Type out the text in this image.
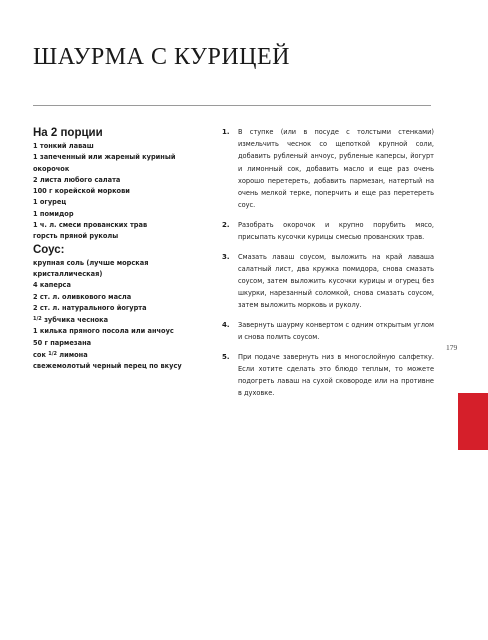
ШАУРМА С КУРИЦЕЙ
На 2 порции
1 тонкий лаваш
1 запеченный или жареный куриный
окорочок
2 листа любого салата
100 г корейской моркови
1 огурец
1 помидор
1 ч. л. смеси прованских трав
горсть пряной руколы
Соус:
крупная соль (лучше морская
кристаллическая)
4 каперса
2 ст. л. оливкового масла
2 ст. л. натурального йогурта
$^{1/2}$ зубчика чеснока
1 килька пряного посола или анчоус
50 г пармезана
сок $^{1/2}$ лимона
свежемолотый черный перец по вкусу
1. В ступке (или в посуде с толстыми стенками) измельчить чеснок со щепоткой крупной соли, добавить рубленый анчоус, рубленые каперсы, йогурт и лимонный сок, добавить масло и еще раз очень хорошо перетереть, добавить пармезан, натертый на очень мелкой терке, поперчить и еще раз перетереть соус.

2. Разобрать окорочок и крупно порубить мясо, присыпать кусочки курицы смесью прованских трав.

3. Смазать лаваш соусом, выложить на край лаваша салатный лист, два кружка помидора, снова смазать соусом, затем выложить кусочки курицы и огурец без шкурки, нарезанный соломкой, снова смазать соусом, затем выложить морковь и руколу.

4. Завернуть шаурму конвертом с одним открытым углом и снова полить соусом.

5. При подаче завернуть низ в многослойную салфетку. Если хотите сделать это блюдо теплым, то можете подогреть лаваш на сухой сковороде или на противне в духовке.

179
